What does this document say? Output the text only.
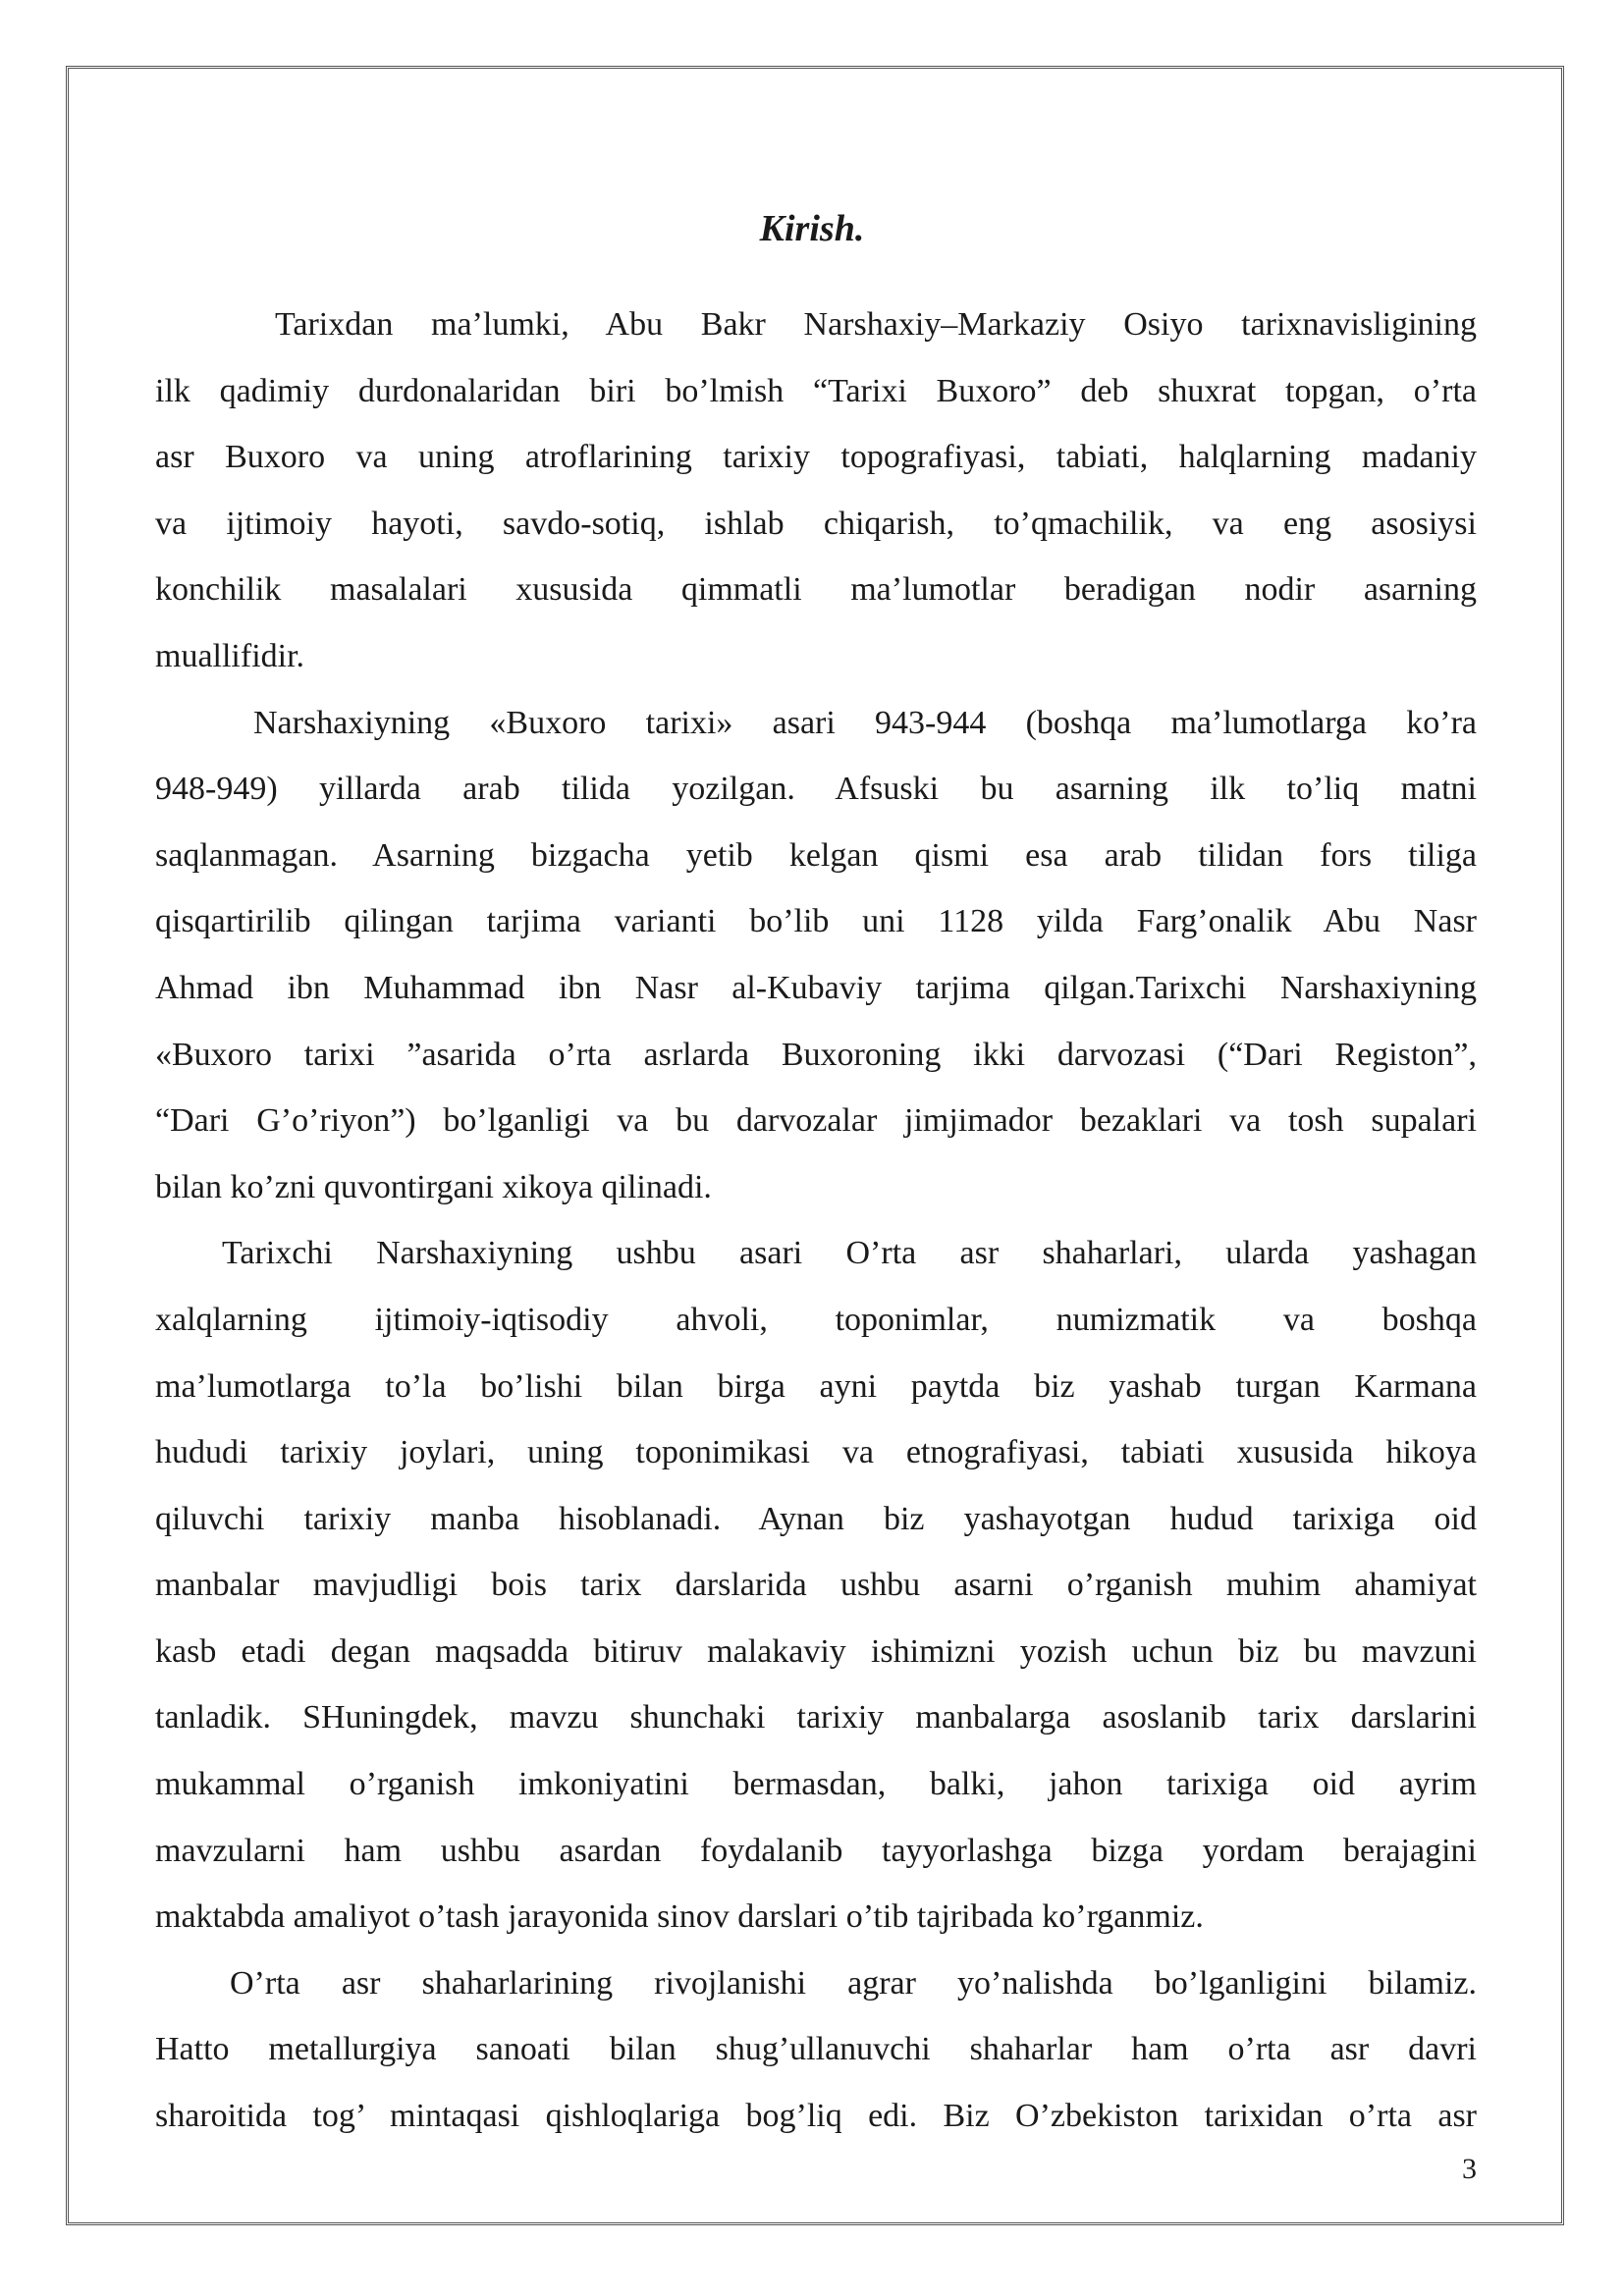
Kirish.
Tarixdan ma’lumki, Abu Bakr Narshaxiy–Markaziy Osiyo tarixnavisligining
ilk qadimiy durdonalaridan biri bo’lmish “Tarixi Buxoro” deb shuxrat topgan, o’rta
asr Buxoro va uning atroflarining tarixiy topografiyasi, tabiati, halqlarning madaniy
va ijtimoiy hayoti, savdo-sotiq, ishlab chiqarish, to’qmachilik, va eng asosiysi
konchilik masalalari xususida qimmatli ma’lumotlar beradigan nodir asarning
muallifidir.
Narshaxiyning «Buxoro tarixi» asari 943-944 (boshqa ma’lumotlarga ko’ra
948-949) yillarda arab tilida yozilgan. Afsuski bu asarning ilk to’liq matni
saqlanmagan. Asarning bizgacha yetib kelgan qismi esa arab tilidan fors tiliga
qisqartirilib qilingan tarjima varianti bo’lib uni 1128 yilda Farg’onalik Abu Nasr
Ahmad ibn Muhammad ibn Nasr al-Kubaviy tarjima qilgan.Tarixchi Narshaxiyning
«Buxoro tarixi ”asarida o’rta asrlarda Buxoroning ikki darvozasi (“Dari Registon”,
“Dari G’o’riyon”) bo’lganligi va bu darvozalar jimjimador bezaklari va tosh supalari
bilan ko’zni quvontirgani xikoya qilinadi.
Tarixchi Narshaxiyning ushbu asari O’rta asr shaharlari, ularda yashagan
xalqlarning ijtimoiy-iqtisodiy ahvoli, toponimlar, numizmatik va boshqa
ma’lumotlarga to’la bo’lishi bilan birga ayni paytda biz yashab turgan Karmana
hududi tarixiy joylari, uning toponimikasi va etnografiyasi, tabiati xususida hikoya
qiluvchi tarixiy manba hisoblanadi. Aynan biz yashayotgan hudud tarixiga oid
manbalar mavjudligi bois tarix darslarida ushbu asarni o’rganish muhim ahamiyat
kasb etadi degan maqsadda bitiruv malakaviy ishimizni yozish uchun biz bu mavzuni
tanladik. SHuningdek, mavzu shunchaki tarixiy manbalarga asoslanib tarix darslarini
mukammal o’rganish imkoniyatini bermasdan, balki, jahon tarixiga oid ayrim
mavzularni ham ushbu asardan foydalanib tayyorlashga bizga yordam berajagini
maktabda amaliyot o’tash jarayonida sinov darslari o’tib tajribada ko’rganmiz.
O’rta asr shaharlarining rivojlanishi agrar yo’nalishda bo’lganligini bilamiz.
Hatto metallurgiya sanoati bilan shug’ullanuvchi shaharlar ham o’rta asr davri
sharoitida tog’ mintaqasi qishloqlariga bog’liq edi. Biz O’zbekiston tarixidan o’rta asr
3
